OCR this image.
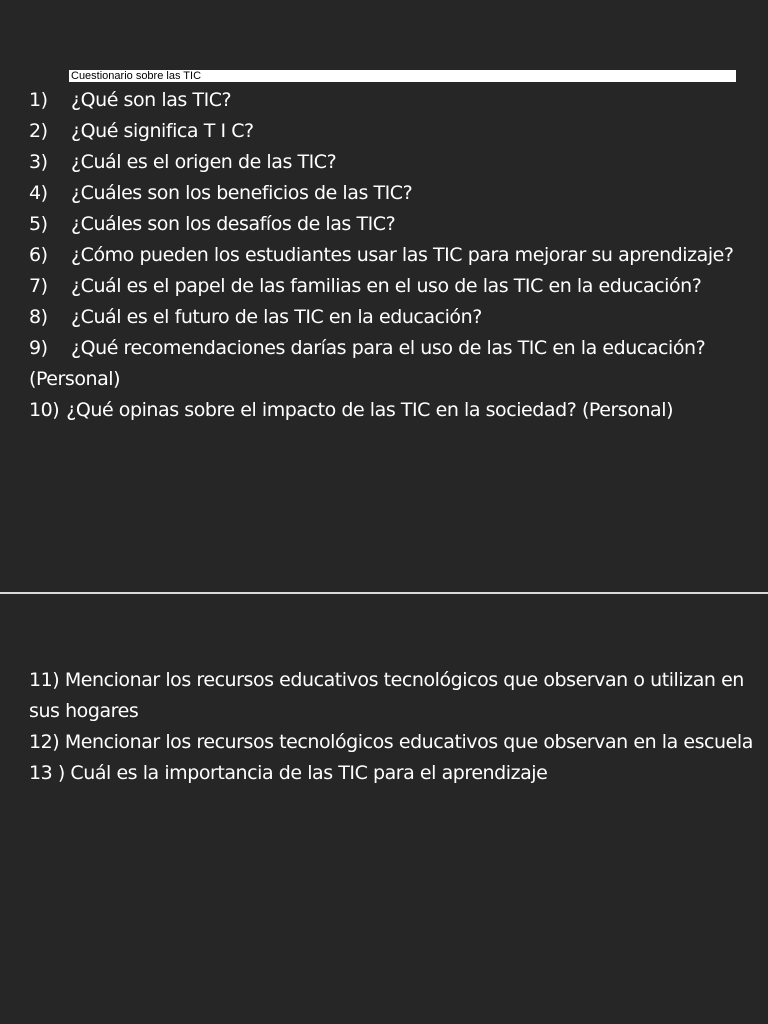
Cuestionario sobre las TIC
1) ¿Qué son las TIC?
2) ¿Qué significa T I C?
3) ¿Cuál es el origen de las TIC?
4) ¿Cuáles son los beneficios de las TIC?
5) ¿Cuáles son los desafíos de las TIC?
6) ¿Cómo pueden los estudiantes usar las TIC para mejorar su aprendizaje?
7) ¿Cuál es el papel de las familias en el uso de las TIC en la educación?
8) ¿Cuál es el futuro de las TIC en la educación?
9) ¿Qué recomendaciones darías para el uso de las TIC en la educación? (Personal)
10) ¿Qué opinas sobre el impacto de las TIC en la sociedad? (Personal)
11) Mencionar los recursos educativos tecnológicos que observan o utilizan en sus hogares
12) Mencionar los recursos tecnológicos educativos que observan en la escuela
13 ) Cuál es la importancia de las TIC para el aprendizaje
